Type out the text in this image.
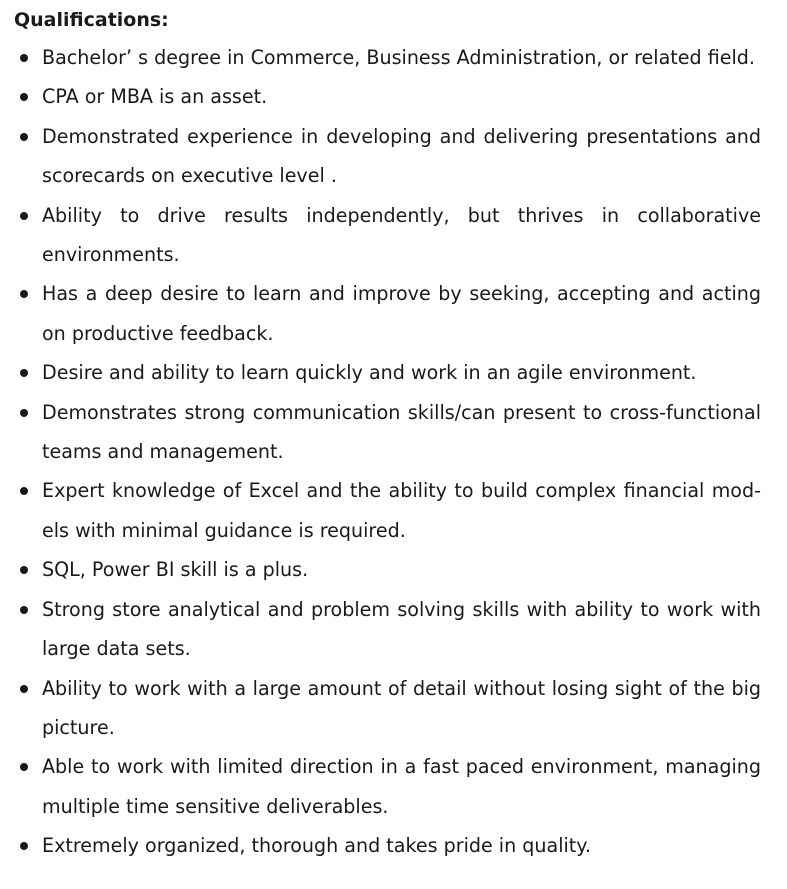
Qualifications:
Bachelor’ s degree in Commerce, Business Administration, or related field.
CPA or MBA is an asset.
Demonstrated experience in developing and delivering presentations and scorecards on executive level .
Ability to drive results independently, but thrives in collaborative environments.
Has a deep desire to learn and improve by seeking, accepting and acting on productive feedback.
Desire and ability to learn quickly and work in an agile environment.
Demonstrates strong communication skills/can present to cross-functional teams and management.
Expert knowledge of Excel and the ability to build complex financial mod-els with minimal guidance is required.
SQL, Power BI skill is a plus.
Strong store analytical and problem solving skills with ability to work with large data sets.
Ability to work with a large amount of detail without losing sight of the big picture.
Able to work with limited direction in a fast paced environment, managing multiple time sensitive deliverables.
Extremely organized, thorough and takes pride in quality.
